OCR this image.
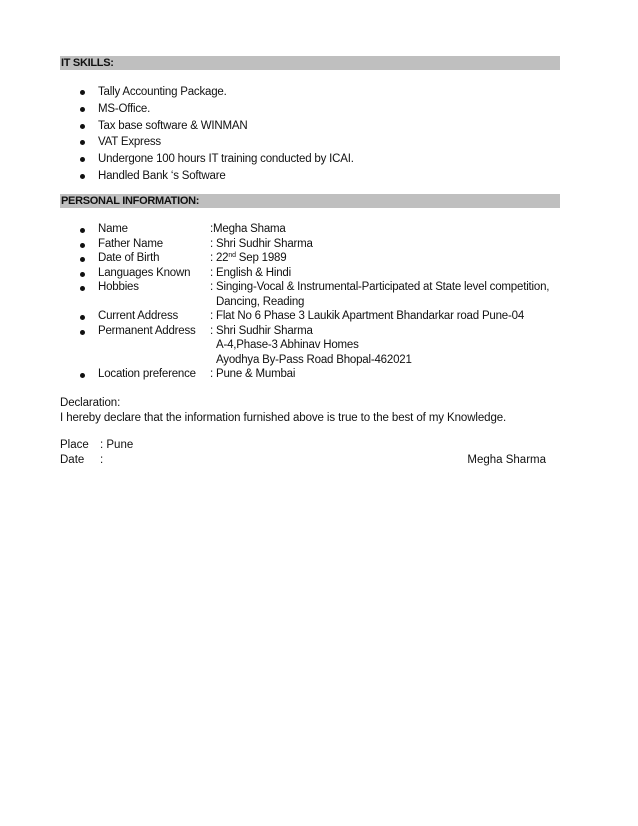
IT SKILLS:
Tally Accounting Package.
MS-Office.
Tax base software & WINMAN
VAT Express
Undergone 100 hours IT training conducted by ICAI.
Handled Bank ‘s Software
PERSONAL INFORMATION:
Name	:Megha Shama
Father Name	: Shri Sudhir Sharma
Date of Birth	: 22nd Sep 1989
Languages Known : English & Hindi
Hobbies	: Singing-Vocal & Instrumental-Participated at State level competition,
Dancing, Reading
Current Address	: Flat No 6 Phase 3 Laukik Apartment Bhandarkar road Pune-04
Permanent Address : Shri Sudhir Sharma
A-4,Phase-3 Abhinav Homes
Ayodhya By-Pass Road Bhopal-462021
Location preference : Pune & Mumbai
Declaration:
I hereby declare that the information furnished above is true to the best of my Knowledge.
Place : Pune
Date :	Megha Sharma
